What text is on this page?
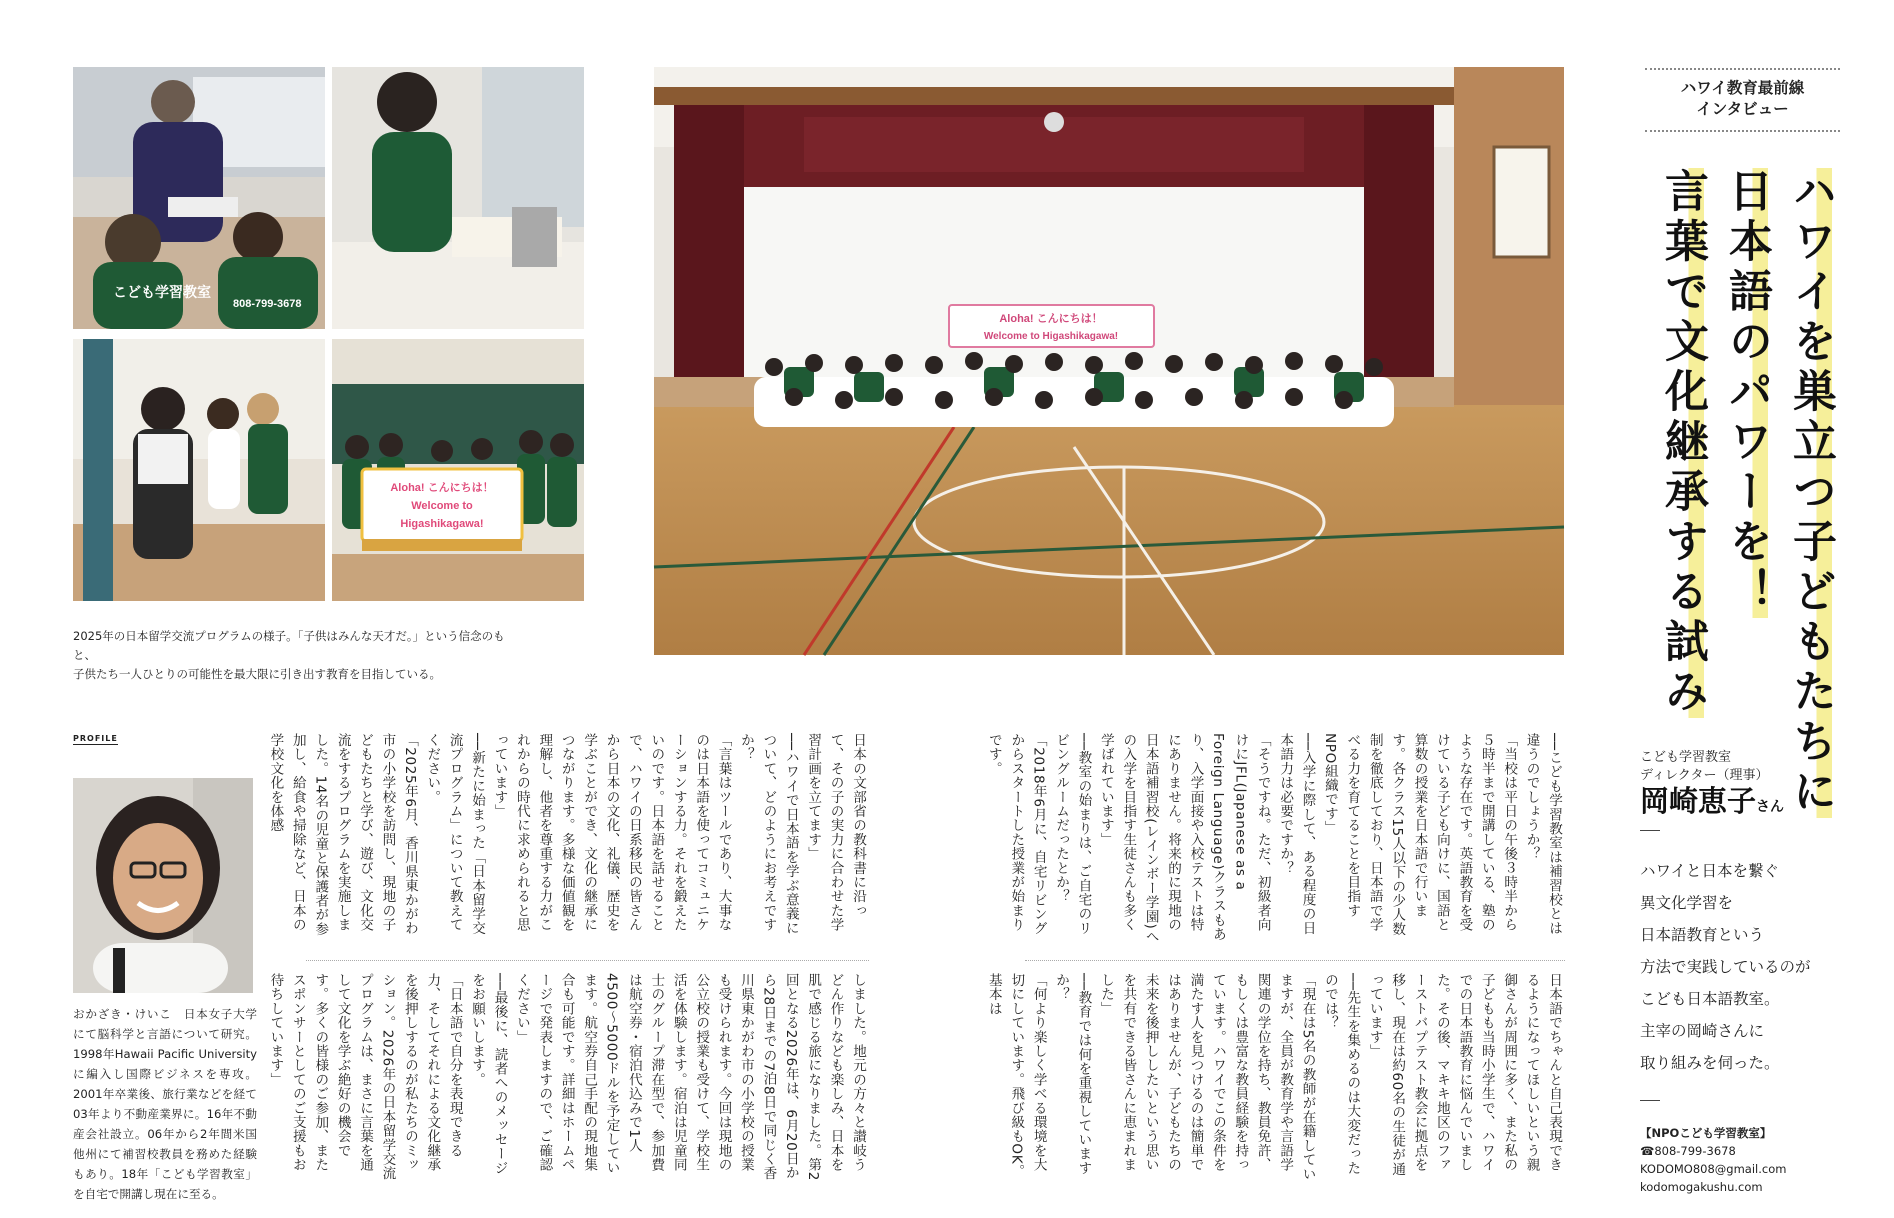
こども学習教室
808-799-3678
Aloha! こんにちは！
Welcome to
Higashikagawa!
2025年の日本留学交流プログラムの様子。「子供はみんな天才だ。」という信念のもと、
子供たち一人ひとりの可能性を最大限に引き出す教育を目指している。
Aloha! こんにちは！
Welcome to Higashikagawa!
ハワイ教育最前線
インタビュー
ハワイを巣立つ子どもたちに
日本語のパワーを！
言葉で文化継承する試み
PROFILE
おかざき・けいこ　日本女子大学にて脳科学と言語について研究。1998年Hawaii Pacific Universityに編入し国際ビジネスを専攻。2001年卒業後、旅行業などを経て03年より不動産業界に。16年不動産会社設立。06年から2年間米国他州にて補習校教員を務めた経験もあり。18年「こども学習教室」を自宅で開講し現在に至る。
こども学習教室
ディレクター（理事）
岡崎恵子さん
ハワイと日本を繋ぐ
異文化学習を
日本語教育という
方法で実践しているのが
こども日本語教室。
主宰の岡崎さんに
取り組みを伺った。
【NPOこども学習教室】
☎808-799-3678
KODOMO808@gmail.com
kodomogakushu.com
──こども学習教室は補習校とは違うのでしょうか？
「当校は平日の午後３時半から５時半まで開講している、塾のような存在です。英語教育を受けている子ども向けに、国語と算数の授業を日本語で行います。各クラス15人以下の少人数制を徹底しており、日本語で学べる力を育てることを目指すNPO組織です」
──入学に際して、ある程度の日本語力は必要ですか？
「そうですね。ただ、初級者向けにJFL(Japanese as a Foreign Language)クラスもあり、入学面接や入校テストは特にありません。将来的に現地の日本語補習校(レインボー学園)への入学を目指す生徒さんも多く学ばれています」
──教室の始まりは、ご自宅のリビングルームだったとか？
「2018年6月に、自宅リビングからスタートした授業が始まりです。
日本語でちゃんと自己表現できるようになってほしいという親御さんが周囲に多く、また私の子どもも当時小学生で、ハワイでの日本語教育に悩んでいました。その後、マキキ地区のファーストバプテスト教会に拠点を移し、現在は約60名の生徒が通っています」
──先生を集めるのは大変だったのでは？
「現在は5名の教師が在籍していますが、全員が教育学や言語学関連の学位を持ち、教員免許、もしくは豊富な教員経験を持っています。ハワイでこの条件を満たす人を見つけるのは簡単ではありませんが、子どもたちの未来を後押ししたいという思いを共有できる皆さんに恵まれました」
──教育では何を重視していますか？
「何より楽しく学べる環境を大切にしています。飛び級もOK。基本は
日本の文部省の教科書に沿って、その子の実力に合わせた学習計画を立てます」
──ハワイで日本語を学ぶ意義について、どのようにお考えですか？
「言葉はツールであり、大事なのは日本語を使ってコミュニケーションする力。それを鍛えたいのです。日本語を話せることで、ハワイの日系移民の皆さんから日本の文化、礼儀、歴史を学ぶことができ、文化の継承につながります。多様な価値観を理解し、他者を尊重する力がこれからの時代に求められると思っています」
──新たに始まった「日本留学交流プログラム」について教えてください。
「2025年6月、香川県東かがわ市の小学校を訪問し、現地の子どもたちと学び、遊び、文化交流をするプログラムを実施しました。14名の児童と保護者が参加し、給食や掃除など、日本の学校文化を体感
しました。地元の方々と讃岐うどん作りなども楽しみ、日本を肌で感じる旅になりました。第2回となる2026年は、6月20日から28日までの7泊8日で同じく香川県東かがわ市の小学校の授業も受けられます。今回は現地の公立校の授業も受けて、学校生活を体験します。宿泊は児童同士のグループ滞在型で、参加費は航空券・宿泊代込みで1人4500〜5000ドルを予定しています。航空券自己手配の現地集合も可能です。詳細はホームページで発表しますので、ご確認ください」
──最後に、読者へのメッセージをお願いします。
「日本語で自分を表現できる力、そしてそれによる文化継承を後押しするのが私たちのミッション。2026年の日本留学交流プログラムは、まさに言葉を通して文化を学ぶ絶好の機会です。多くの皆様のご参加、またスポンサーとしてのご支援もお待ちしています」
